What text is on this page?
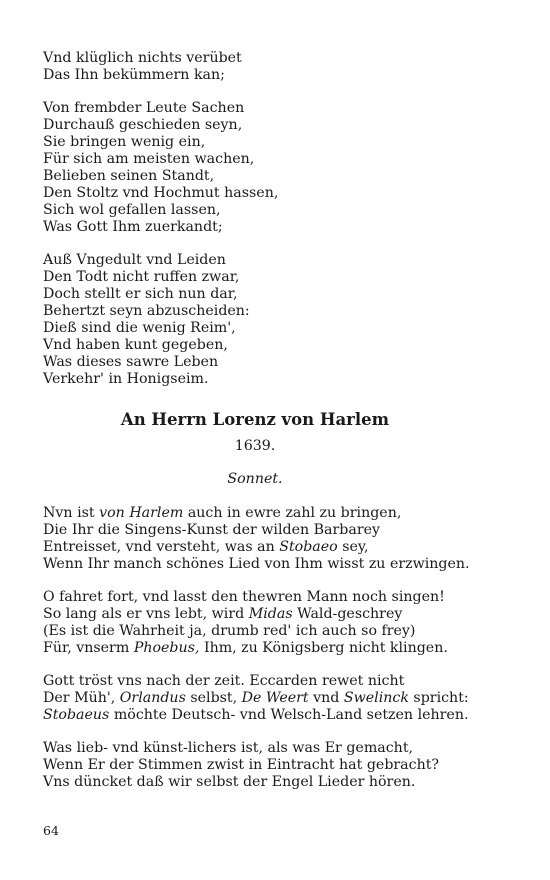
Vnd klüglich nichts verübet
Das Ihn bekümmern kan;
Von frembder Leute Sachen
Durchauß geschieden seyn,
Sie bringen wenig ein,
Für sich am meisten wachen,
Belieben seinen Standt,
Den Stoltz vnd Hochmut hassen,
Sich wol gefallen lassen,
Was Gott Ihm zuerkandt;
Auß Vngedult vnd Leiden
Den Todt nicht ruffen zwar,
Doch stellt er sich nun dar,
Behertzt seyn abzuscheiden:
Dieß sind die wenig Reim',
Vnd haben kunt gegeben,
Was dieses sawre Leben
Verkehr' in Honigseim.
An Herrn Lorenz von Harlem
1639.
Sonnet.
Nvn ist von Harlem auch in ewre zahl zu bringen,
Die Ihr die Singens-Kunst der wilden Barbarey
Entreisset, vnd versteht, was an Stobaeo sey,
Wenn Ihr manch schönes Lied von Ihm wisst zu erzwingen.
O fahret fort, vnd lasst den thewren Mann noch singen!
So lang als er vns lebt, wird Midas Wald-geschrey
(Es ist die Wahrheit ja, drumb red' ich auch so frey)
Für, vnserm Phoebus, Ihm, zu Königsberg nicht klingen.
Gott tröst vns nach der zeit. Eccarden rewet nicht
Der Müh', Orlandus selbst, De Weert vnd Swelinck spricht:
Stobaeus möchte Deutsch- vnd Welsch-Land setzen lehren.
Was lieb- vnd künst-lichers ist, als was Er gemacht,
Wenn Er der Stimmen zwist in Eintracht hat gebracht?
Vns düncket daß wir selbst der Engel Lieder hören.
64
